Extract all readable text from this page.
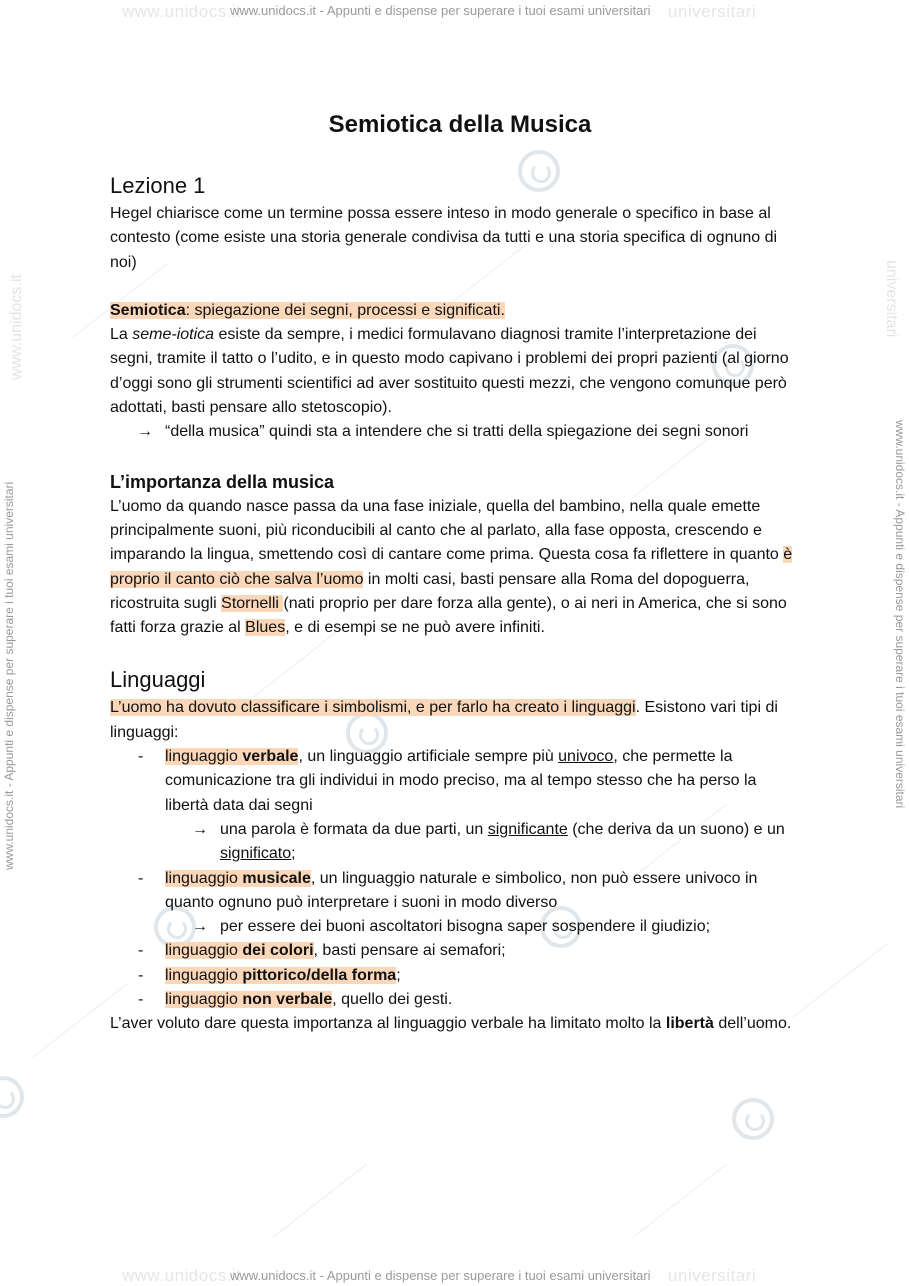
www.unidocs.it	universitari
www.unidocs.it - Appunti e dispense per superare i tuoi esami universitari
www.unidocs.it	universitari
www.unidocs.it - Appunti e dispense per superare i tuoi esami universitari
www.unidocs.it - Appunti e dispense per superare i tuoi esami universitari	www.unidocs.it - Appunti e dispense per superare i tuoi esami universitari
www.unidocs.it	universitari
Semiotica della Musica
Lezione 1

Hegel chiarisce come un termine possa essere inteso in modo generale o specifico in base al contesto (come esiste una storia generale condivisa da tutti e una storia specifica di ognuno di noi)

Semiotica: spiegazione dei segni, processi e significati.

La seme-iotica esiste da sempre, i medici formulavano diagnosi tramite l’interpretazione dei segni, tramite il tatto o l’udito, e in questo modo capivano i problemi dei propri pazienti (al giorno d’oggi sono gli strumenti scientifici ad aver sostituito questi mezzi, che vengono comunque però adottati, basti pensare allo stetoscopio).

→ “della musica” quindi sta a intendere che si tratti della spiegazione dei segni sonori

L’importanza della musica

L’uomo da quando nasce passa da una fase iniziale, quella del bambino, nella quale emette principalmente suoni, più riconducibili al canto che al parlato, alla fase opposta, crescendo e imparando la lingua, smettendo così di cantare come prima. Questa cosa fa riflettere in quanto è proprio il canto ciò che salva l’uomo in molti casi, basti pensare alla Roma del dopoguerra, ricostruita sugli Stornelli (nati proprio per dare forza alla gente), o ai neri in America, che si sono fatti forza grazie al Blues, e di esempi se ne può avere infiniti.

Linguaggi

L’uomo ha dovuto classificare i simbolismi, e per farlo ha creato i linguaggi. Esistono vari tipi di linguaggi:

- linguaggio verbale, un linguaggio artificiale sempre più univoco, che permette la comunicazione tra gli individui in modo preciso, ma al tempo stesso che ha perso la libertà data dai segni

→ una parola è formata da due parti, un significante (che deriva da un suono) e un significato;

- linguaggio musicale, un linguaggio naturale e simbolico, non può essere univoco in quanto ognuno può interpretare i suoni in modo diverso

→ per essere dei buoni ascoltatori bisogna saper sospendere il giudizio;

- linguaggio dei colori, basti pensare ai semafori;

- linguaggio pittorico/della forma;

- linguaggio non verbale, quello dei gesti.

L’aver voluto dare questa importanza al linguaggio verbale ha limitato molto la libertà dell’uomo.
